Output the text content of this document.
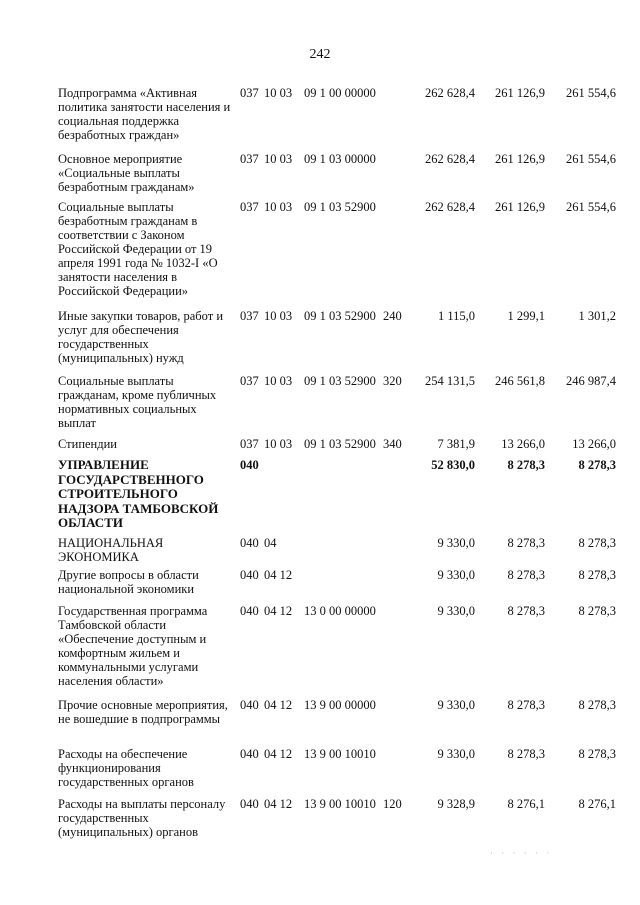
242
Подпрограмма «Активная политика занятости населения и социальная поддержка безработных граждан»
037 10 03 09 1 00 00000	262 628,4	261 126,9	261 554,6
Основное мероприятие «Социальные выплаты безработным гражданам»
037 10 03 09 1 03 00000	262 628,4	261 126,9	261 554,6
Социальные выплаты безработным гражданам в соответствии с Законом Российской Федерации от 19 апреля 1991 года № 1032-I «О занятости населения в Российской Федерации»
037 10 03 09 1 03 52900	262 628,4	261 126,9	261 554,6
Иные закупки товаров, работ и услуг для обеспечения государственных (муниципальных) нужд
037 10 03 09 1 03 52900 240	1 115,0	1 299,1	1 301,2
Социальные выплаты гражданам, кроме публичных нормативных социальных выплат
037 10 03 09 1 03 52900 320	254 131,5	246 561,8	246 987,4
Стипендии	037 10 03 09 1 03 52900 340	7 381,9	13 266,0	13 266,0
УПРАВЛЕНИЕ ГОСУДАРСТВЕННОГО СТРОИТЕЛЬНОГО НАДЗОРА ТАМБОВСКОЙ ОБЛАСТИ
040	52 830,0	8 278,3	8 278,3
НАЦИОНАЛЬНАЯ ЭКОНОМИКА
040 04	9 330,0	8 278,3	8 278,3
Другие вопросы в области национальной экономики
040 04 12	9 330,0	8 278,3	8 278,3
Государственная программа Тамбовской области «Обеспечение доступным и комфортным жильем и коммунальными услугами населения области»
040 04 12 13 0 00 00000	9 330,0	8 278,3	8 278,3
Прочие основные мероприятия, не вошедшие в подпрограммы
040 04 12 13 9 00 00000	9 330,0	8 278,3	8 278,3
Расходы на обеспечение функционирования государственных органов
040 04 12 13 9 00 10010	9 330,0	8 278,3	8 278,3
Расходы на выплаты персоналу государственных (муниципальных) органов
040 04 12 13 9 00 10010 120	9 328,9	8 276,1	8 276,1
· · · · · ·
